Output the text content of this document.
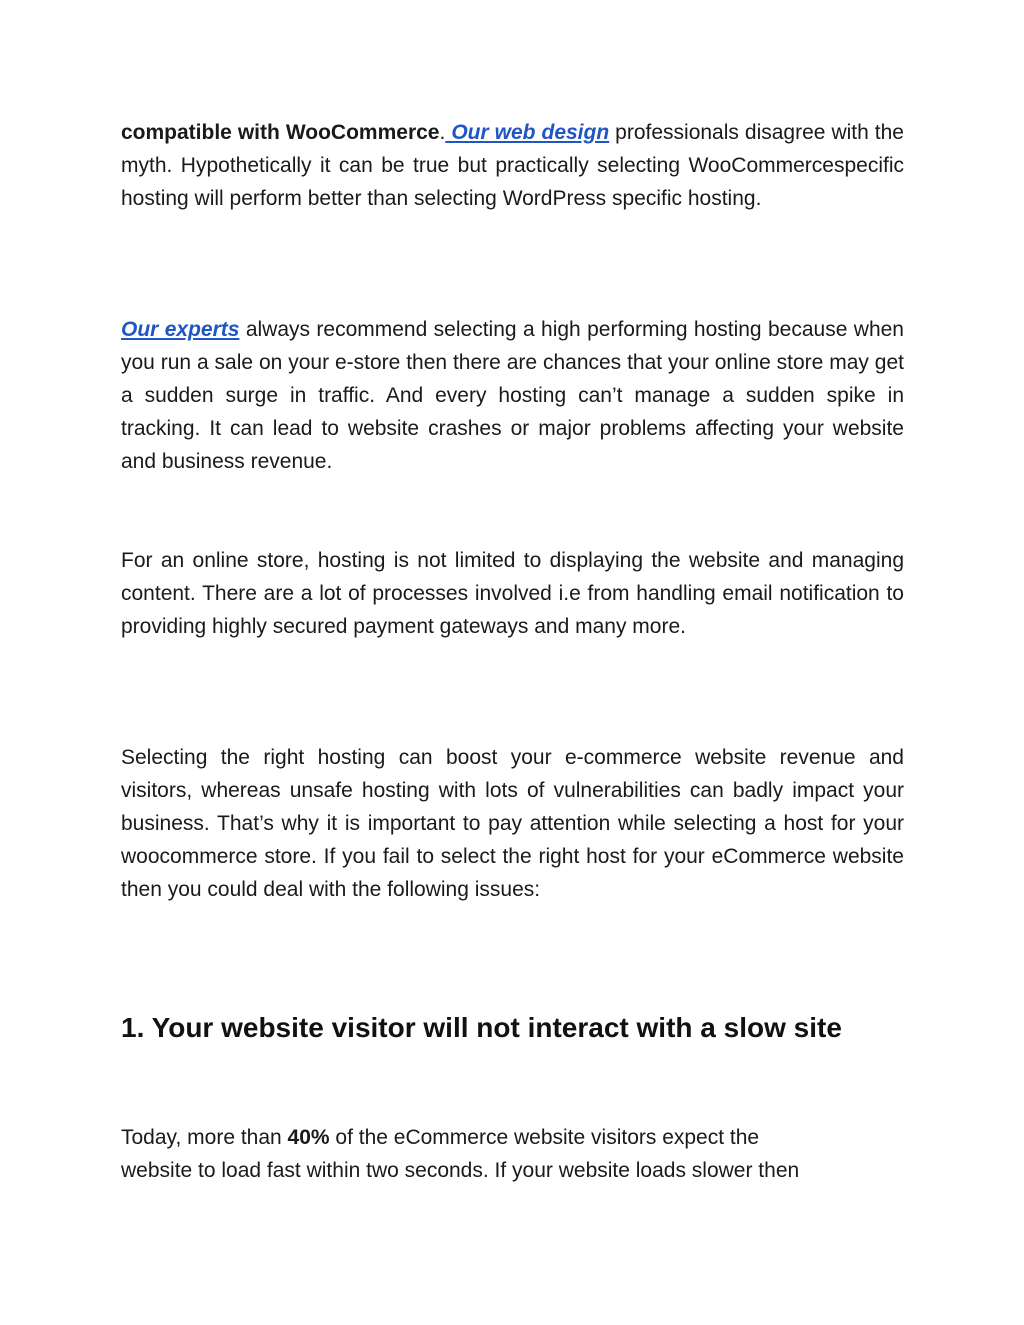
compatible with WooCommerce. Our web design professionals disagree with the myth. Hypothetically it can be true but practically selecting WooCommercespecific hosting will perform better than selecting WordPress specific hosting.

Our experts always recommend selecting a high performing hosting because when you run a sale on your e-store then there are chances that your online store may get a sudden surge in traffic. And every hosting can’t manage a sudden spike in tracking. It can lead to website crashes or major problems affecting your website and business revenue.

For an online store, hosting is not limited to displaying the website and managing content. There are a lot of processes involved i.e from handling email notification to providing highly secured payment gateways and many more.

Selecting the right hosting can boost your e-commerce website revenue and visitors, whereas unsafe hosting with lots of vulnerabilities can badly impact your business. That’s why it is important to pay attention while selecting a host for your woocommerce store. If you fail to select the right host for your eCommerce website then you could deal with the following issues:

1. Your website visitor will not interact with a slow site

Today, more than 40% of the eCommerce website visitors expect the
website to load fast within two seconds. If your website loads slower then
